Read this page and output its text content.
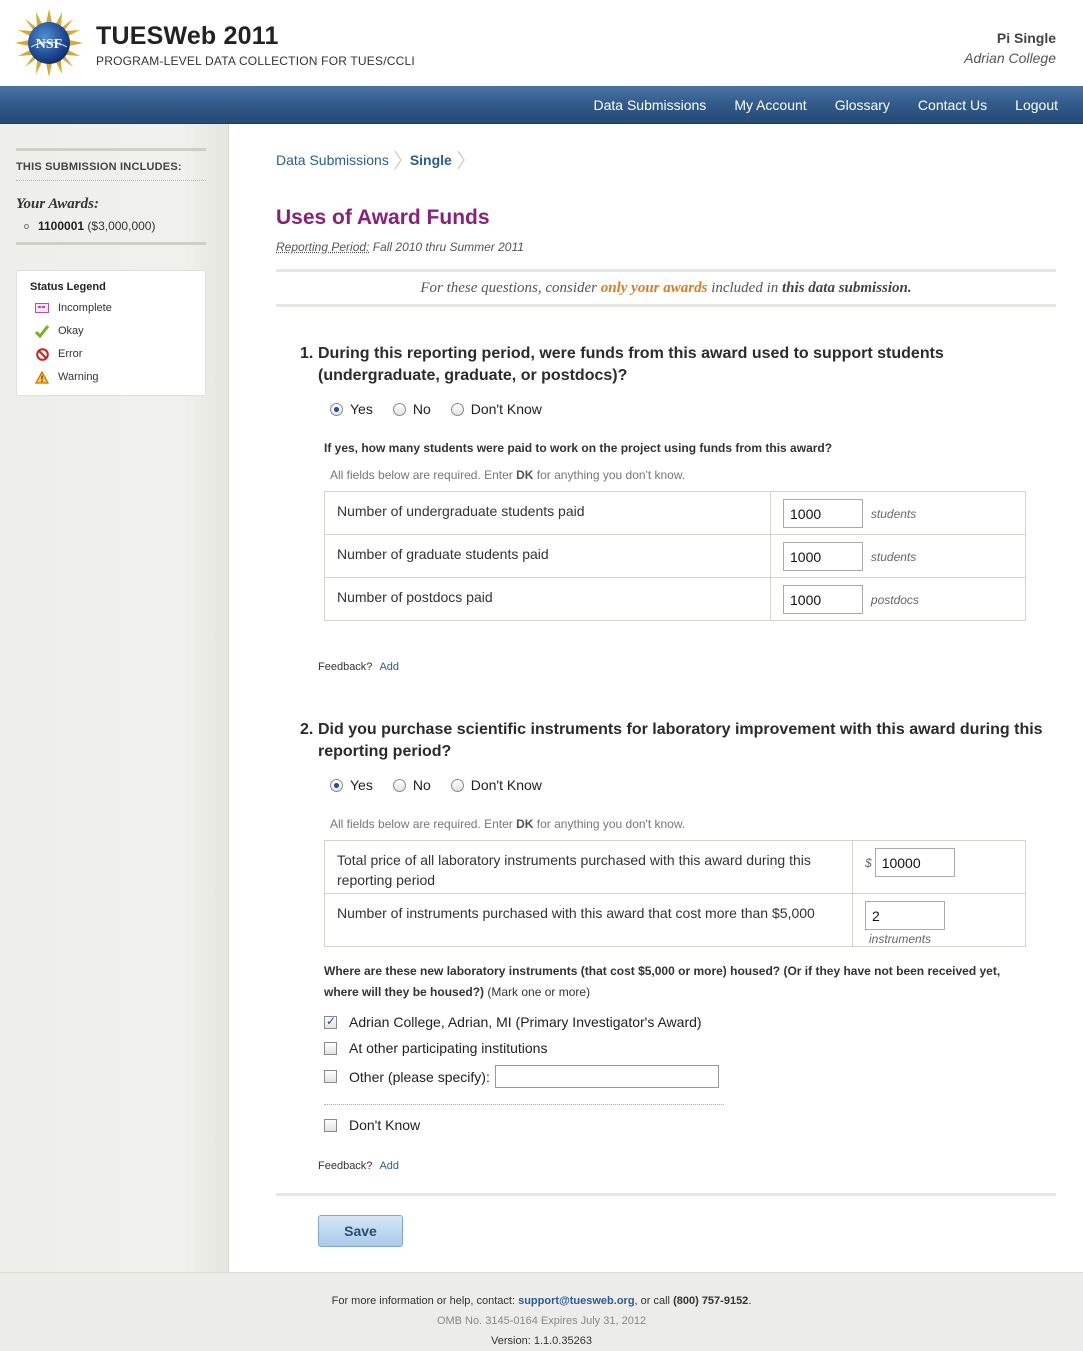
NSF TUESWeb 2011
PROGRAM-LEVEL DATA COLLECTION FOR TUES/CCLI
Pi Single
Adrian College
Data Submissions My Account Glossary Contact Us Logout
THIS SUBMISSION INCLUDES:
Your Awards:
1100001 ($3,000,000)
Status Legend
Incomplete
Okay
Error
Warning
Data Submissions Single
Uses of Award Funds
Reporting Period: Fall 2010 thru Summer 2011
For these questions, consider only your awards included in this data submission.
1. During this reporting period, were funds from this award used to support students (undergraduate, graduate, or postdocs)?
Yes	No	Don't Know
If yes, how many students were paid to work on the project using funds from this award?
All fields below are required. Enter DK for anything you don't know.
Number of undergraduate students paid	1000 students
Number of graduate students paid	1000 students
Number of postdocs paid	1000 postdocs
Feedback? Add
2. Did you purchase scientific instruments for laboratory improvement with this award during this reporting period?
Yes	No	Don't Know
All fields below are required. Enter DK for anything you don't know.
Total price of all laboratory instruments purchased with this award during this reporting period	$ 10000
Number of instruments purchased with this award that cost more than $5,000	2 instruments
Where are these new laboratory instruments (that cost $5,000 or more) housed? (Or if they have not been received yet, where will they be housed?) (Mark one or more)
✓
Adrian College, Adrian, MI (Primary Investigator's Award)
At other participating institutions
Other (please specify):
Don't Know
Feedback? Add
Save
For more information or help, contact: support@tuesweb.org, or call (800) 757-9152.
OMB No. 3145-0164 Expires July 31, 2012
Version: 1.1.0.35263
